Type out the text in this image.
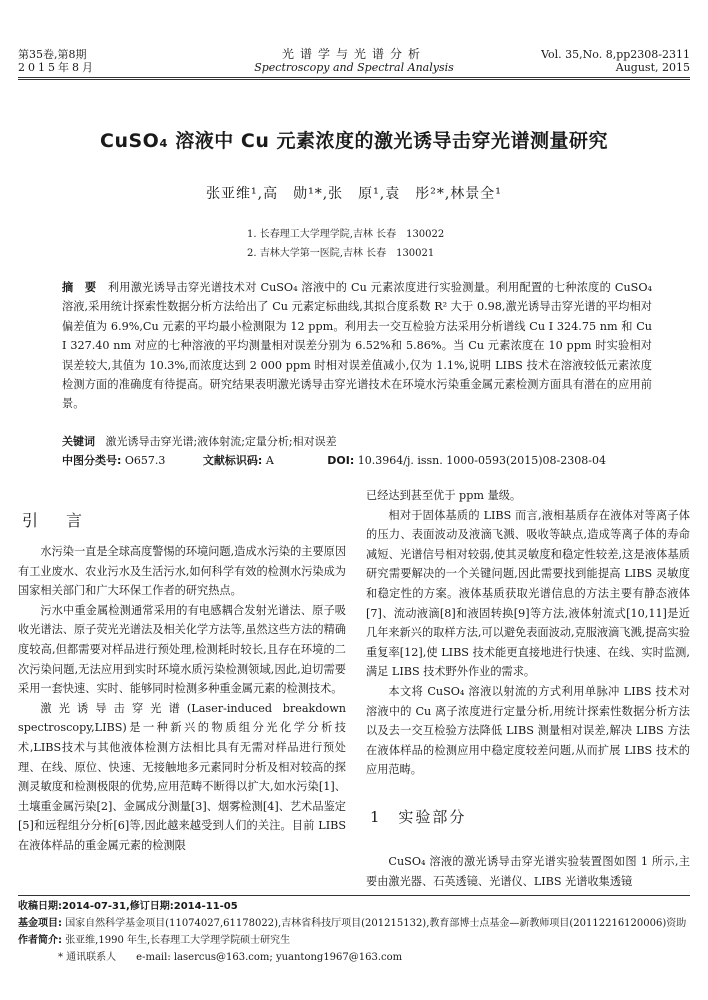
第35卷,第8期
2015年8月
光谱学与光谱分析
Spectroscopy and Spectral Analysis
Vol. 35,No. 8,pp2308-2311
August, 2015
CuSO₄ 溶液中 Cu 元素浓度的激光诱导击穿光谱测量研究
张亚维¹,高　勋¹*,张　原¹,袁　彤²*,林景全¹
1. 长春理工大学理学院,吉林 长春　130022
2. 吉林大学第一医院,吉林 长春　130021
摘　要 利用激光诱导击穿光谱技术对 CuSO₄ 溶液中的 Cu 元素浓度进行实验测量。利用配置的七种浓度的 CuSO₄ 溶液,采用统计探索性数据分析方法给出了 Cu 元素定标曲线,其拟合度系数 R² 大于 0.98,激光诱导击穿光谱的平均相对偏差值为 6.9%,Cu 元素的平均最小检测限为 12 ppm。利用去一交互检验方法采用分析谱线 Cu Ⅰ 324.75 nm 和 Cu Ⅰ 327.40 nm 对应的七种溶液的平均测量相对误差分别为 6.52%和 5.86%。当 Cu 元素浓度在 10 ppm 时实验相对误差较大,其值为 10.3%,而浓度达到 2 000 ppm 时相对误差值减小,仅为 1.1%,说明 LIBS 技术在溶液较低元素浓度检测方面的准确度有待提高。研究结果表明激光诱导击穿光谱技术在环境水污染重金属元素检测方面具有潜在的应用前景。
关键词 激光诱导击穿光谱;液体射流;定量分析;相对误差
中图分类号: O657.3	文献标识码: A	DOI: 10.3964/j. issn. 1000-0593(2015)08-2308-04
引　言

水污染一直是全球高度警惕的环境问题,造成水污染的主要原因有工业废水、农业污水及生活污水,如何科学有效的检测水污染成为国家相关部门和广大环保工作者的研究热点。

污水中重金属检测通常采用的有电感耦合发射光谱法、原子吸收光谱法、原子荧光光谱法及相关化学方法等,虽然这些方法的精确度较高,但都需要对样品进行预处理,检测耗时较长,且存在环境的二次污染问题,无法应用到实时环境水质污染检测领域,因此,迫切需要采用一套快速、实时、能够同时检测多种重金属元素的检测技术。

激光诱导击穿光谱(Laser-induced breakdown spectroscopy,LIBS)是一种新兴的物质组分光化学分析技术,LIBS技术与其他液体检测方法相比具有无需对样品进行预处理、在线、原位、快速、无接触地多元素同时分析及相对较高的探测灵敏度和检测极限的优势,应用范畴不断得以扩大,如水污染[1]、土壤重金属污染[2]、金属成分测量[3]、烟雾检测[4]、艺术品鉴定[5]和远程组分分析[6]等,因此越来越受到人们的关注。目前 LIBS 在液体样品的重金属元素的检测限

已经达到甚至优于 ppm 量级。

相对于固体基质的 LIBS 而言,液相基质存在液体对等离子体的压力、表面波动及液滴飞溅、吸收等缺点,造成等离子体的寿命减短、光谱信号相对较弱,使其灵敏度和稳定性较差,这是液体基质研究需要解决的一个关键问题,因此需要找到能提高 LIBS 灵敏度和稳定性的方案。液体基质获取光谱信息的方法主要有静态液体[7]、流动液滴[8]和液固转换[9]等方法,液体射流式[10,11]是近几年来新兴的取样方法,可以避免表面波动,克服液滴飞溅,提高实验重复率[12],使 LIBS 技术能更直接地进行快速、在线、实时监测,满足 LIBS 技术野外作业的需求。

本文将 CuSO₄ 溶液以射流的方式利用单脉冲 LIBS 技术对溶液中的 Cu 离子浓度进行定量分析,用统计探索性数据分析方法以及去一交互检验方法降低 LIBS 测量相对误差,解决 LIBS 方法在液体样品的检测应用中稳定度较差问题,从而扩展 LIBS 技术的应用范畴。

1 实验部分

CuSO₄ 溶液的激光诱导击穿光谱实验装置图如图 1 所示,主要由激光器、石英透镜、光谱仪、LIBS 光谱收集透镜

收稿日期:2014-07-31,修订日期:2014-11-05
基金项目: 国家自然科学基金项目(11074027,61178022),吉林省科技厅项目(201215132),教育部博士点基金—新教师项目(20112216120006)资助
作者简介: 张亚维,1990 年生,长春理工大学理学院硕士研究生
* 通讯联系人　　e-mail: lasercus@163.com; yuantong1967@163.com
